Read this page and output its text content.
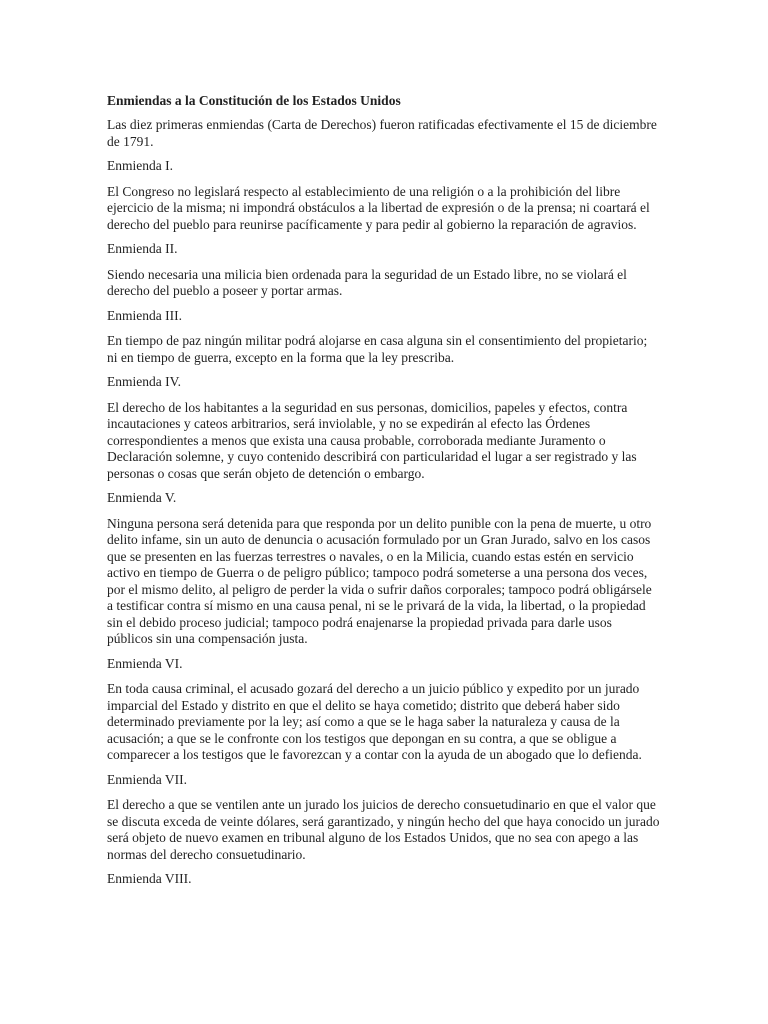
Enmiendas a la Constitución de los Estados Unidos
Las diez primeras enmiendas (Carta de Derechos) fueron ratificadas efectivamente el 15 de diciembre de 1791.
Enmienda I.
El Congreso no legislará respecto al establecimiento de una religión o a la prohibición del libre ejercicio de la misma; ni impondrá obstáculos a la libertad de expresión o de la prensa; ni coartará el derecho del pueblo para reunirse pacíficamente y para pedir al gobierno la reparación de agravios.
Enmienda II.
Siendo necesaria una milicia bien ordenada para la seguridad de un Estado libre, no se violará el derecho del pueblo a poseer y portar armas.
Enmienda III.
En tiempo de paz ningún militar podrá alojarse en casa alguna sin el consentimiento del propietario; ni en tiempo de guerra, excepto en la forma que la ley prescriba.
Enmienda IV.
El derecho de los habitantes a la seguridad en sus personas, domicilios, papeles y efectos, contra incautaciones y cateos arbitrarios, será inviolable, y no se expedirán al efecto las Órdenes correspondientes a menos que exista una causa probable, corroborada mediante Juramento o Declaración solemne, y cuyo contenido describirá con particularidad el lugar a ser registrado y las personas o cosas que serán objeto de detención o embargo.
Enmienda V.
Ninguna persona será detenida para que responda por un delito punible con la pena de muerte, u otro delito infame, sin un auto de denuncia o acusación formulado por un Gran Jurado, salvo en los casos que se presenten en las fuerzas terrestres o navales, o en la Milicia, cuando estas estén en servicio activo en tiempo de Guerra o de peligro público; tampoco podrá someterse a una persona dos veces, por el mismo delito, al peligro de perder la vida o sufrir daños corporales; tampoco podrá obligársele a testificar contra sí mismo en una causa penal, ni se le privará de la vida, la libertad, o la propiedad sin el debido proceso judicial; tampoco podrá enajenarse la propiedad privada para darle usos públicos sin una compensación justa.
Enmienda VI.
En toda causa criminal, el acusado gozará del derecho a un juicio público y expedito por un jurado imparcial del Estado y distrito en que el delito se haya cometido; distrito que deberá haber sido determinado previamente por la ley; así como a que se le haga saber la naturaleza y causa de la acusación; a que se le confronte con los testigos que depongan en su contra, a que se obligue a comparecer a los testigos que le favorezcan y a contar con la ayuda de un abogado que lo defienda.
Enmienda VII.
El derecho a que se ventilen ante un jurado los juicios de derecho consuetudinario en que el valor que se discuta exceda de veinte dólares, será garantizado, y ningún hecho del que haya conocido un jurado será objeto de nuevo examen en tribunal alguno de los Estados Unidos, que no sea con apego a las normas del derecho consuetudinario.
Enmienda VIII.
